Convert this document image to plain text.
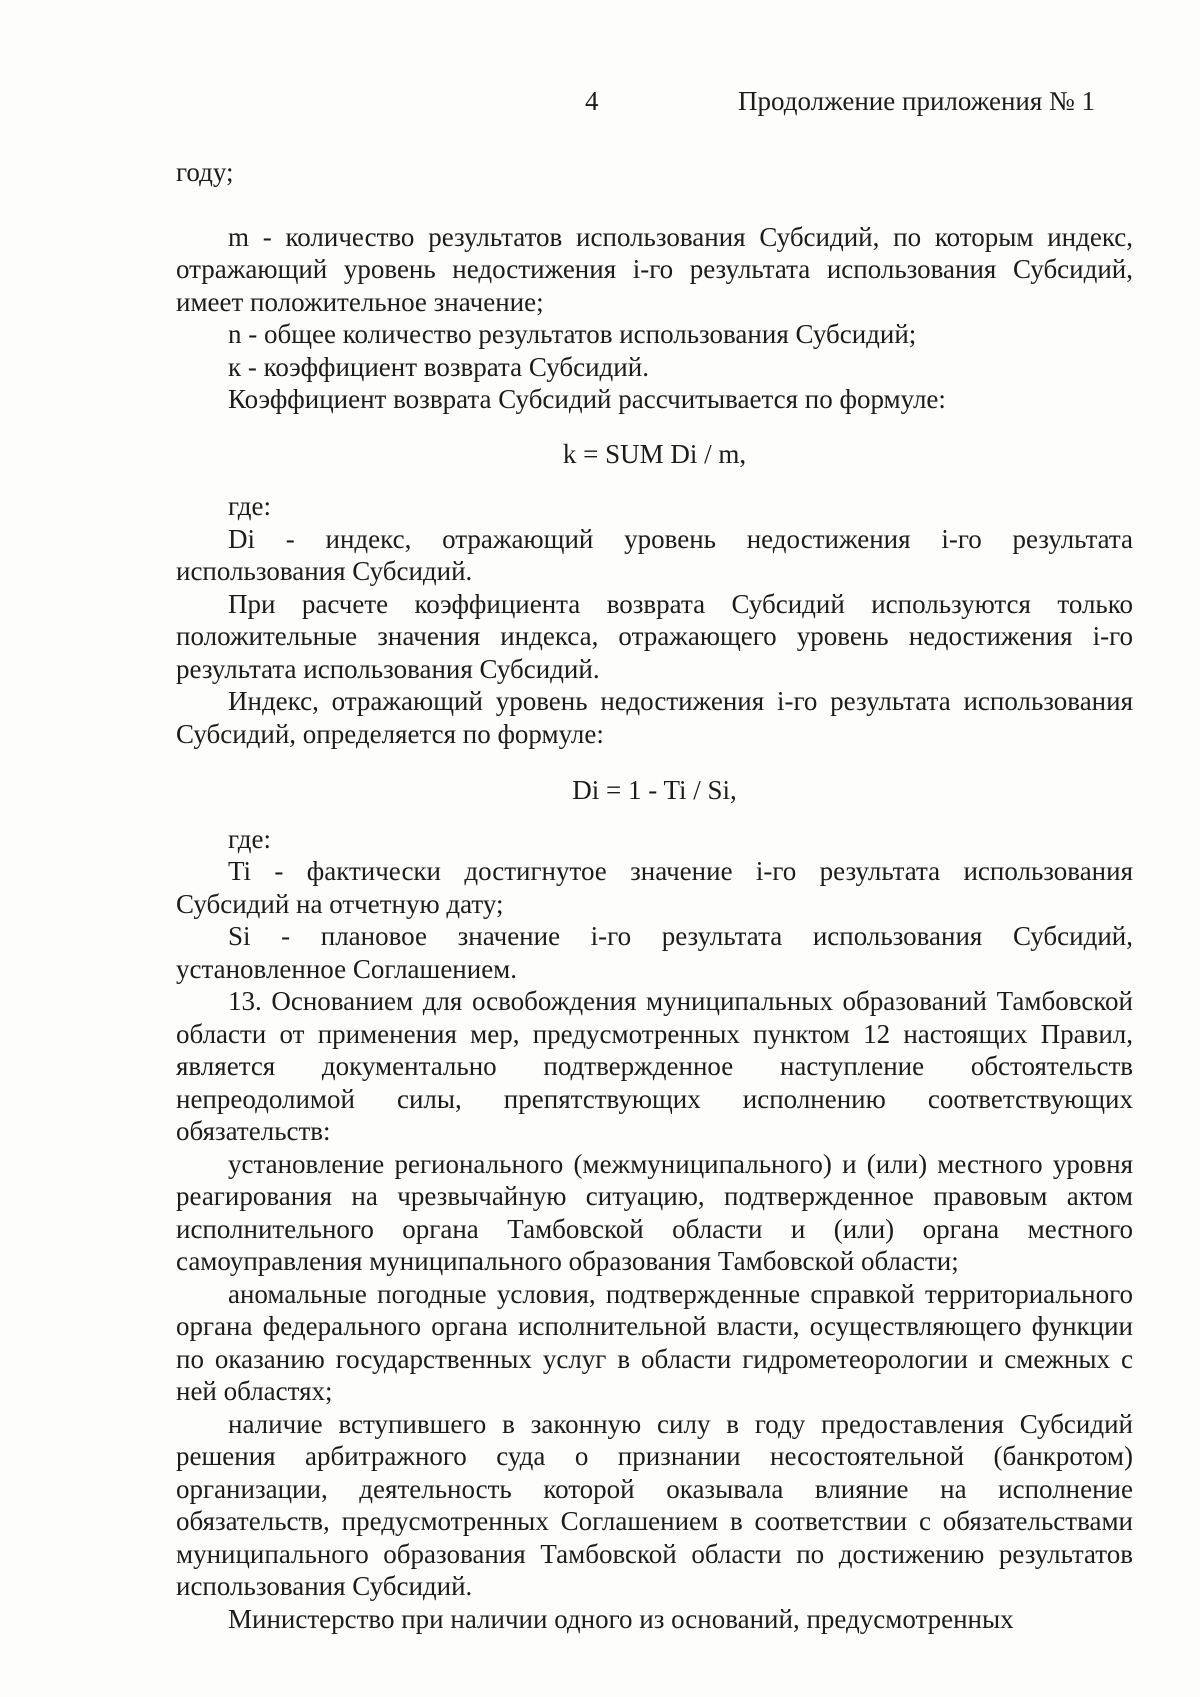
4	Продолжение приложения № 1

году;

m - количество результатов использования Субсидий, по которым индекс, отражающий уровень недостижения i-го результата использования Субсидий, имеет положительное значение;

n - общее количество результатов использования Субсидий;

к - коэффициент возврата Субсидий.

Коэффициент возврата Субсидий рассчитывается по формуле:

k = SUM Di / m,

где:

Di - индекс, отражающий уровень недостижения i-го результата использования Субсидий.

При расчете коэффициента возврата Субсидий используются только положительные значения индекса, отражающего уровень недостижения i-го результата использования Субсидий.

Индекс, отражающий уровень недостижения i-го результата использования Субсидий, определяется по формуле:

Di = 1 - Ti / Si,

где:

Ti - фактически достигнутое значение i-го результата использования Субсидий на отчетную дату;

Si - плановое значение i-го результата использования Субсидий, установленное Соглашением.

13. Основанием для освобождения муниципальных образований Тамбовской области от применения мер, предусмотренных пунктом 12 настоящих Правил, является документально подтвержденное наступление обстоятельств непреодолимой силы, препятствующих исполнению соответствующих обязательств:

установление регионального (межмуниципального) и (или) местного уровня реагирования на чрезвычайную ситуацию, подтвержденное правовым актом исполнительного органа Тамбовской области и (или) органа местного самоуправления муниципального образования Тамбовской области;

аномальные погодные условия, подтвержденные справкой территориального органа федерального органа исполнительной власти, осуществляющего функции по оказанию государственных услуг в области гидрометеорологии и смежных с ней областях;

наличие вступившего в законную силу в году предоставления Субсидий решения арбитражного суда о признании несостоятельной (банкротом) организации, деятельность которой оказывала влияние на исполнение обязательств, предусмотренных Соглашением в соответствии с обязательствами муниципального образования Тамбовской области по достижению результатов использования Субсидий.

Министерство при наличии одного из оснований, предусмотренных
